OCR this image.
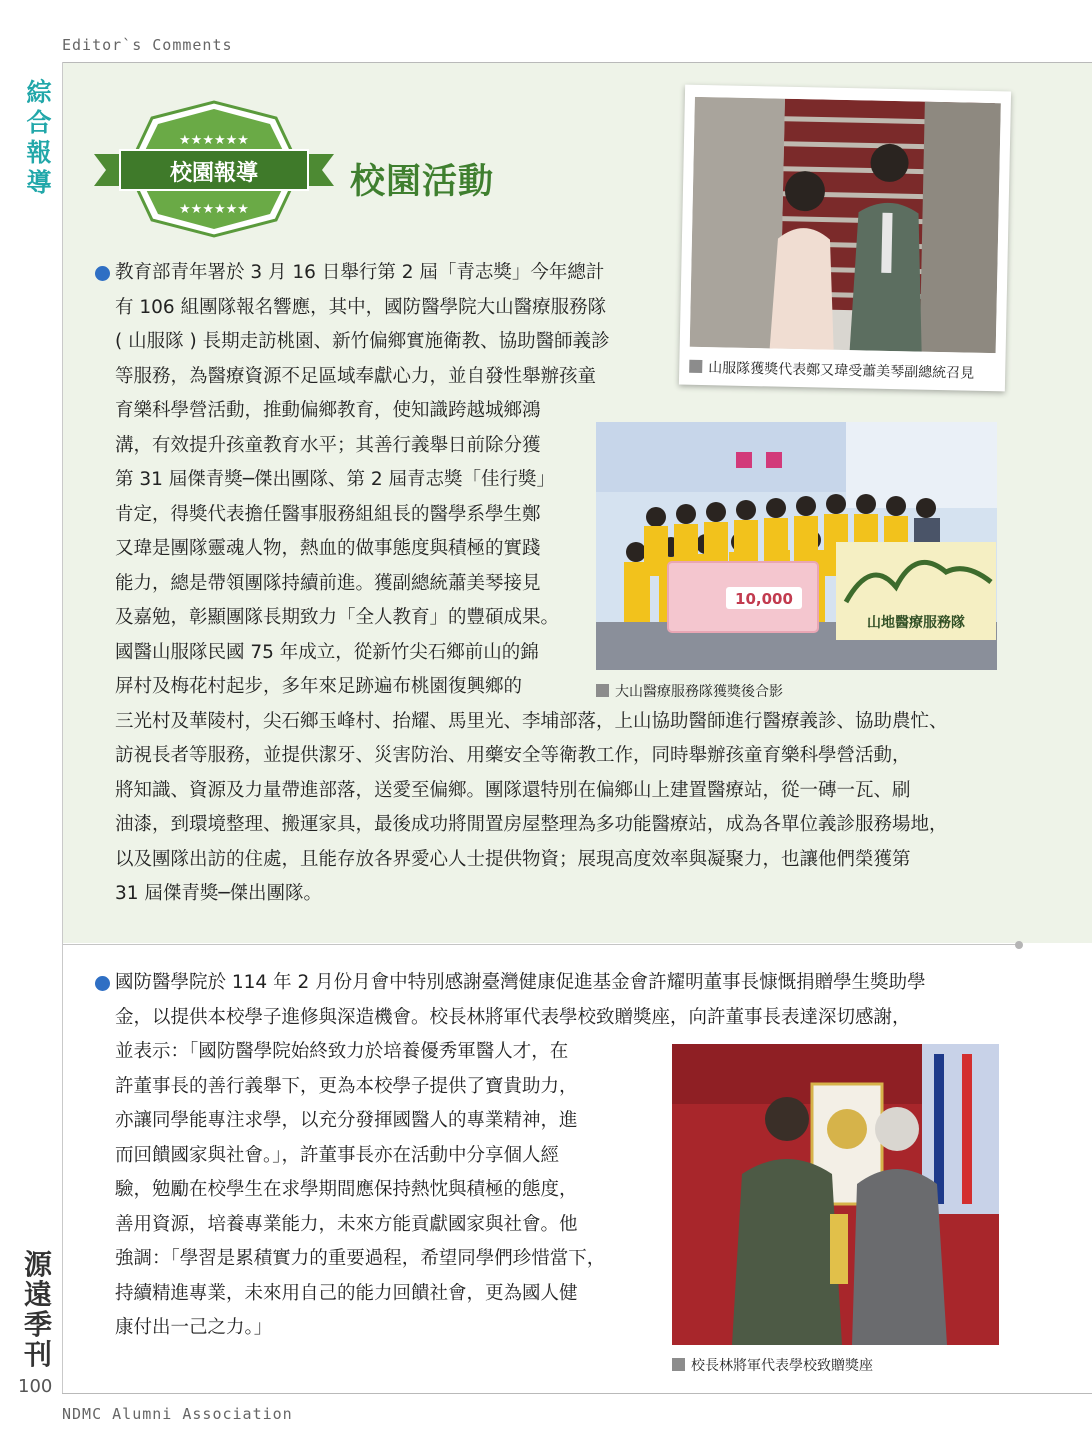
Editor`s Comments
NDMC Alumni Association
綜
合
報
導
源
遠
季
刊
100
★★★★★★
校園報導
★★★★★★
校園活動
山服隊獲獎代表鄭又瑋受蕭美琴副總統召見
10,000
山地醫療服務隊
大山醫療服務隊獲獎後合影
教育部青年署於 3 月 16 日舉行第 2 屆「青志獎」今年總計
有 106 組團隊報名響應，其中，國防醫學院大山醫療服務隊
( 山服隊 ) 長期走訪桃園、新竹偏鄉實施衛教、協助醫師義診
等服務，為醫療資源不足區域奉獻心力，並自發性舉辦孩童
育樂科學營活動，推動偏鄉教育，使知識跨越城鄉鴻
溝，有效提升孩童教育水平；其善行義舉日前除分獲
第 31 屆傑青獎─傑出團隊、第 2 屆青志獎「佳行獎」
肯定，得獎代表擔任醫事服務組組長的醫學系學生鄭
又瑋是團隊靈魂人物，熱血的做事態度與積極的實踐
能力，總是帶領團隊持續前進。獲副總統蕭美琴接見
及嘉勉，彰顯團隊長期致力「全人教育」的豐碩成果。
國醫山服隊民國 75 年成立，從新竹尖石鄉前山的錦
屏村及梅花村起步，多年來足跡遍布桃園復興鄉的
三光村及華陵村，尖石鄉玉峰村、抬耀、馬里光、李埔部落，上山協助醫師進行醫療義診、協助農忙、
訪視長者等服務，並提供潔牙、災害防治、用藥安全等衛教工作，同時舉辦孩童育樂科學營活動，
將知識、資源及力量帶進部落，送愛至偏鄉。團隊還特別在偏鄉山上建置醫療站，從一磚一瓦、刷
油漆，到環境整理、搬運家具，最後成功將閒置房屋整理為多功能醫療站，成為各單位義診服務場地，
以及團隊出訪的住處，且能存放各界愛心人士提供物資；展現高度效率與凝聚力，也讓他們榮獲第
31 屆傑青獎─傑出團隊。
國防醫學院於 114 年 2 月份月會中特別感謝臺灣健康促進基金會許耀明董事長慷慨捐贈學生獎助學
金，以提供本校學子進修與深造機會。校長林將軍代表學校致贈獎座，向許董事長表達深切感謝，
並表示：「國防醫學院始終致力於培養優秀軍醫人才，在
許董事長的善行義舉下，更為本校學子提供了寶貴助力，
亦讓同學能專注求學，以充分發揮國醫人的專業精神，進
而回饋國家與社會。」，許董事長亦在活動中分享個人經
驗，勉勵在校學生在求學期間應保持熱忱與積極的態度，
善用資源，培養專業能力，未來方能貢獻國家與社會。他
強調：「學習是累積實力的重要過程，希望同學們珍惜當下，
持續精進專業，未來用自己的能力回饋社會，更為國人健
康付出一己之力。」
校長林將軍代表學校致贈獎座
